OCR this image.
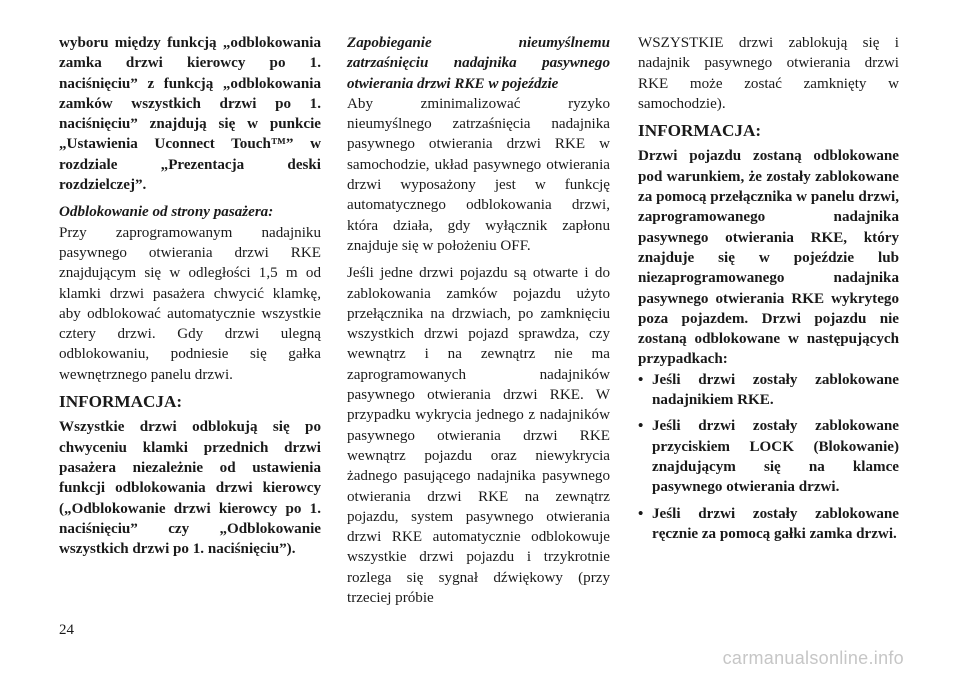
wyboru między funkcją „odblokowania zamka drzwi kierowcy po 1. naciśnięciu” z funkcją „odblokowania zamków wszystkich drzwi po 1. naciśnięciu” znajdują się w punkcie „Ustawienia Uconnect Touch™” w rozdziale „Prezentacja deski rozdzielczej”.

Odblokowanie od strony pasażera:

Przy zaprogramowanym nadajniku pasywnego otwierania drzwi RKE znajdującym się w odległości 1,5 m od klamki drzwi pasażera chwycić klamkę, aby odblokować automatycznie wszystkie cztery drzwi. Gdy drzwi ulegną odblokowaniu, podniesie się gałka wewnętrznego panelu drzwi.

INFORMACJA:

Wszystkie drzwi odblokują się po chwyceniu klamki przednich drzwi pasażera niezależnie od ustawienia funkcji odblokowania drzwi kierowcy („Odblokowanie drzwi kierowcy po 1. naciśnięciu” czy „Odblokowanie wszystkich drzwi po 1. naciśnięciu”).

Zapobieganie nieumyślnemu zatrzaśnięciu nadajnika pasywnego otwierania drzwi RKE w pojeździe

Aby zminimalizować ryzyko nieumyślnego zatrzaśnięcia nadajnika pasywnego otwierania drzwi RKE w samochodzie, układ pasywnego otwierania drzwi wyposażony jest w funkcję automatycznego odblokowania drzwi, która działa, gdy wyłącznik zapłonu znajduje się w położeniu OFF.

Jeśli jedne drzwi pojazdu są otwarte i do zablokowania zamków pojazdu użyto przełącznika na drzwiach, po zamknięciu wszystkich drzwi pojazd sprawdza, czy wewnątrz i na zewnątrz nie ma zaprogramowanych nadajników pasywnego otwierania drzwi RKE. W przypadku wykrycia jednego z nadajników pasywnego otwierania drzwi RKE wewnątrz pojazdu oraz niewykrycia żadnego pasującego nadajnika pasywnego otwierania drzwi RKE na zewnątrz pojazdu, system pasywnego otwierania drzwi RKE automatycznie odblokowuje wszystkie drzwi pojazdu i trzykrotnie rozlega się sygnał dźwiękowy (przy trzeciej próbie

WSZYSTKIE drzwi zablokują się i nadajnik pasywnego otwierania drzwi RKE może zostać zamknięty w samochodzie).

INFORMACJA:

Drzwi pojazdu zostaną odblokowane pod warunkiem, że zostały zablokowane za pomocą przełącznika w panelu drzwi, zaprogramowanego nadajnika pasywnego otwierania RKE, który znajduje się w pojeździe lub niezaprogramowanego nadajnika pasywnego otwierania RKE wykrytego poza pojazdem. Drzwi pojazdu nie zostaną odblokowane w następujących przypadkach:

• Jeśli drzwi zostały zablokowane nadajnikiem RKE.
• Jeśli drzwi zostały zablokowane przyciskiem LOCK (Blokowanie) znajdującym się na klamce pasywnego otwierania drzwi.
• Jeśli drzwi zostały zablokowane ręcznie za pomocą gałki zamka drzwi.
24
carmanualsonline.info
